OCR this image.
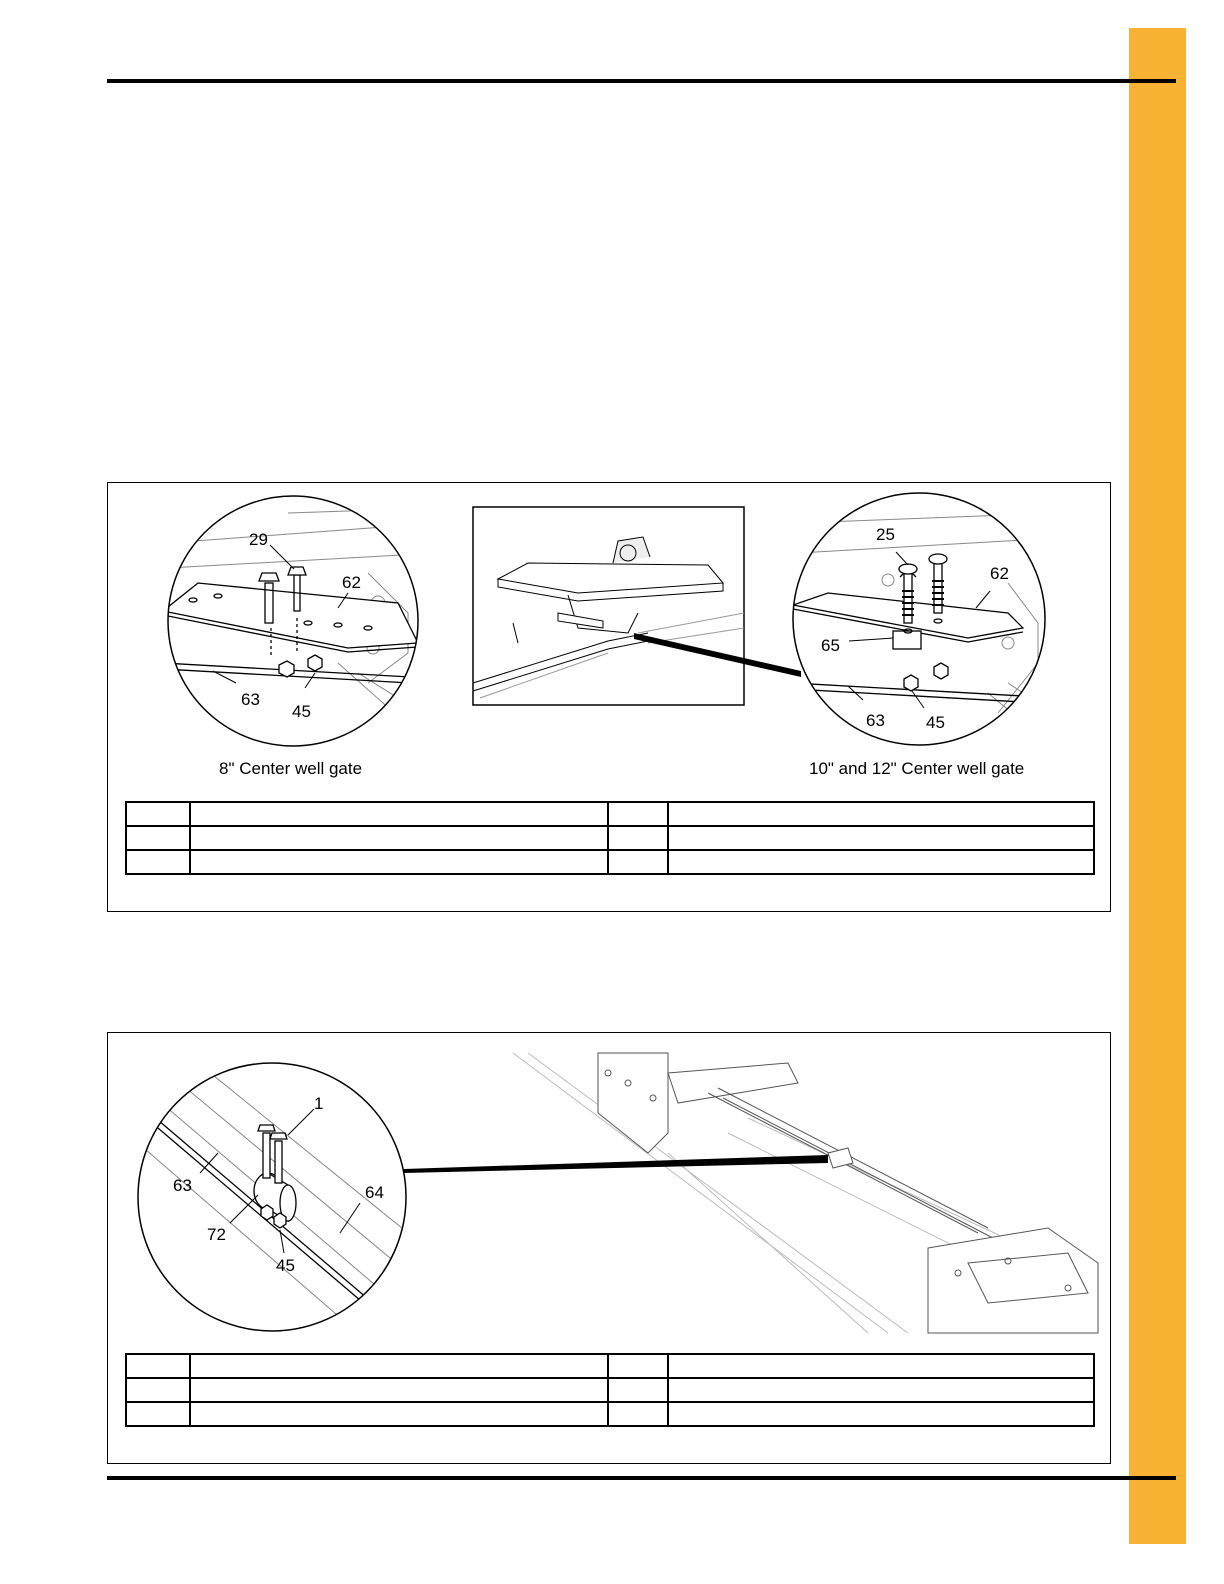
29
62
63
45
8" Center well gate
25
62
65
63 45
10" and 12" Center well gate

1
63	64
72
45
